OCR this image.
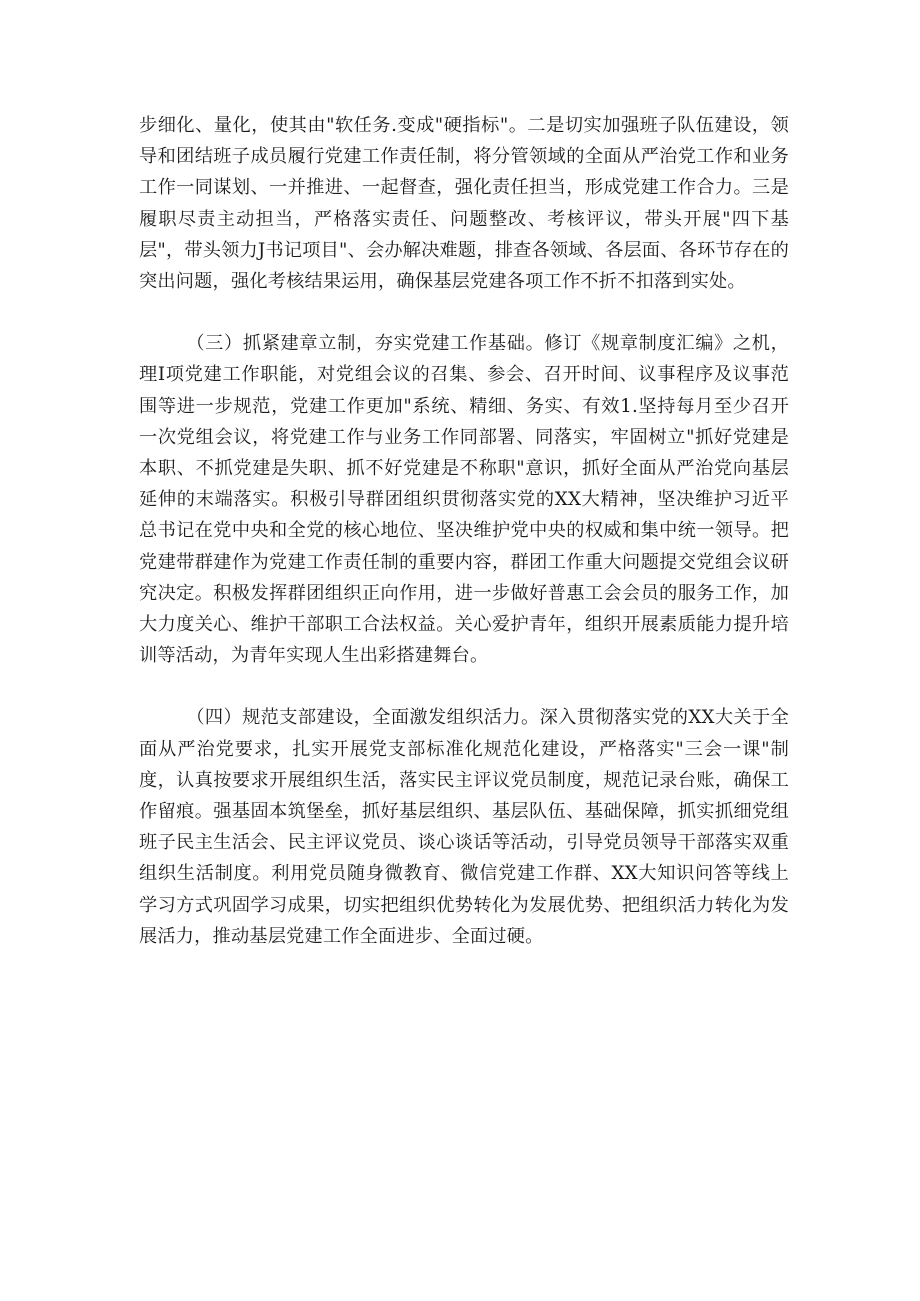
步细化、量化，使其由"软任务.变成"硬指标"。二是切实加强班子队伍建设，领导和团结班子成员履行党建工作责任制，将分管领域的全面从严治党工作和业务工作一同谋划、一并推进、一起督查，强化责任担当，形成党建工作合力。三是履职尽责主动担当，严格落实责任、问题整改、考核评议，带头开展"四下基层"，带头领力J书记项目"、会办解决难题，排查各领域、各层面、各环节存在的突出问题，强化考核结果运用，确保基层党建各项工作不折不扣落到实处。

（三）抓紧建章立制，夯实党建工作基础。修订《规章制度汇编》之机，理I项党建工作职能，对党组会议的召集、参会、召开时间、议事程序及议事范围等进一步规范，党建工作更加"系统、精细、务实、有效1.坚持每月至少召开一次党组会议，将党建工作与业务工作同部署、同落实，牢固树立"抓好党建是本职、不抓党建是失职、抓不好党建是不称职"意识，抓好全面从严治党向基层延伸的末端落实。积极引导群团组织贯彻落实党的XX大精神，坚决维护习近平总书记在党中央和全党的核心地位、坚决维护党中央的权威和集中统一领导。把党建带群建作为党建工作责任制的重要内容，群团工作重大问题提交党组会议研究决定。积极发挥群团组织正向作用，进一步做好普惠工会会员的服务工作，加大力度关心、维护干部职工合法权益。关心爱护青年，组织开展素质能力提升培训等活动，为青年实现人生出彩搭建舞台。

（四）规范支部建设，全面激发组织活力。深入贯彻落实党的XX大关于全面从严治党要求，扎实开展党支部标准化规范化建设，严格落实"三会一课"制度，认真按要求开展组织生活，落实民主评议党员制度，规范记录台账，确保工作留痕。强基固本筑堡垒，抓好基层组织、基层队伍、基础保障，抓实抓细党组班子民主生活会、民主评议党员、谈心谈话等活动，引导党员领导干部落实双重组织生活制度。利用党员随身微教育、微信党建工作群、XX大知识问答等线上学习方式巩固学习成果，切实把组织优势转化为发展优势、把组织活力转化为发展活力，推动基层党建工作全面进步、全面过硬。
